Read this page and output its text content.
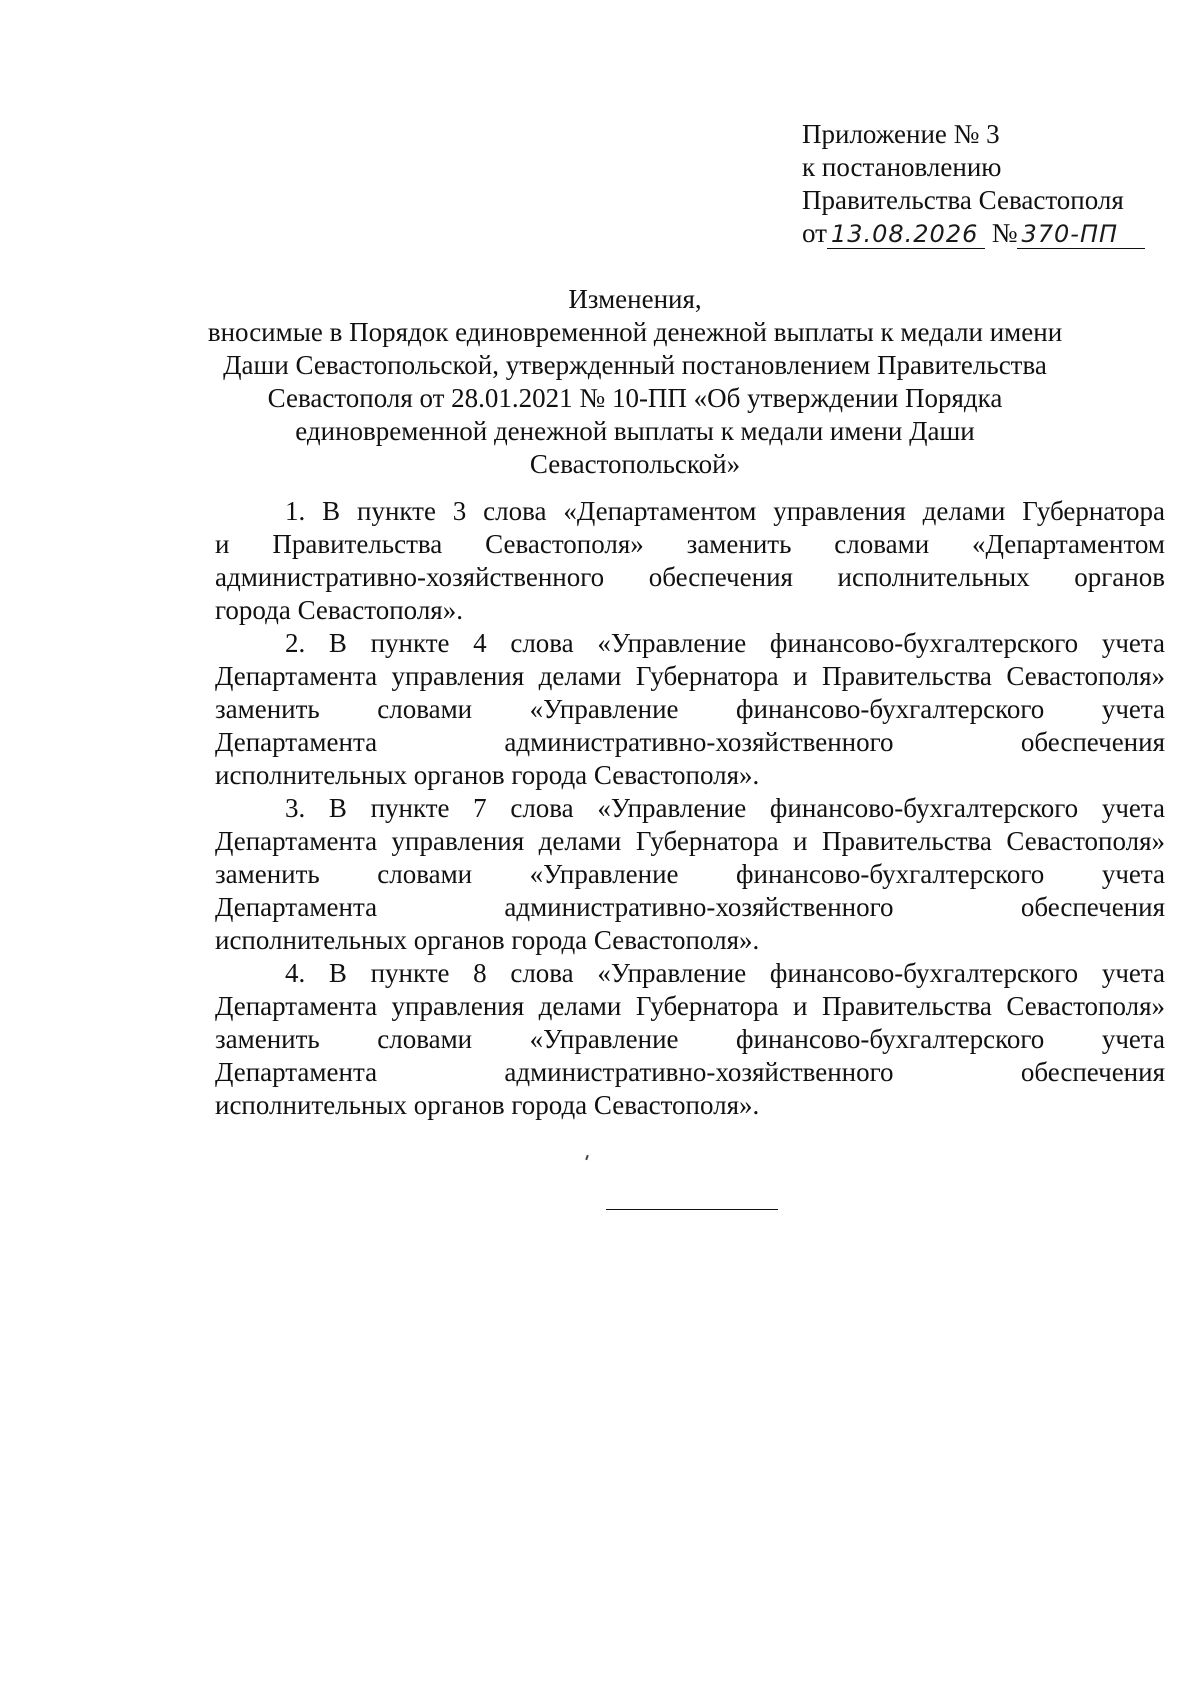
Приложение № 3
к постановлению
Правительства Севастополя
от 13.08.2026 № 370-ПП
Изменения,
вносимые в Порядок единовременной денежной выплаты к медали имени
Даши Севастопольской, утвержденный постановлением Правительства
Севастополя от 28.01.2021 № 10-ПП «Об утверждении Порядка
единовременной денежной выплаты к медали имени Даши Севастопольской»
1. В пункте 3 слова «Департаментом управления делами Губернатора
и Правительства Севастополя» заменить словами «Департаментом
административно-хозяйственного обеспечения исполнительных органов
города Севастополя».
2. В пункте 4 слова «Управление финансово-бухгалтерского учета
Департамента управления делами Губернатора и Правительства Севастополя»
заменить словами «Управление финансово-бухгалтерского учета
Департамента административно-хозяйственного обеспечения
исполнительных органов города Севастополя».
3. В пункте 7 слова «Управление финансово-бухгалтерского учета
Департамента управления делами Губернатора и Правительства Севастополя»
заменить словами «Управление финансово-бухгалтерского учета
Департамента административно-хозяйственного обеспечения
исполнительных органов города Севастополя».
4. В пункте 8 слова «Управление финансово-бухгалтерского учета
Департамента управления делами Губернатора и Правительства Севастополя»
заменить словами «Управление финансово-бухгалтерского учета
Департамента административно-хозяйственного обеспечения
исполнительных органов города Севастополя».
